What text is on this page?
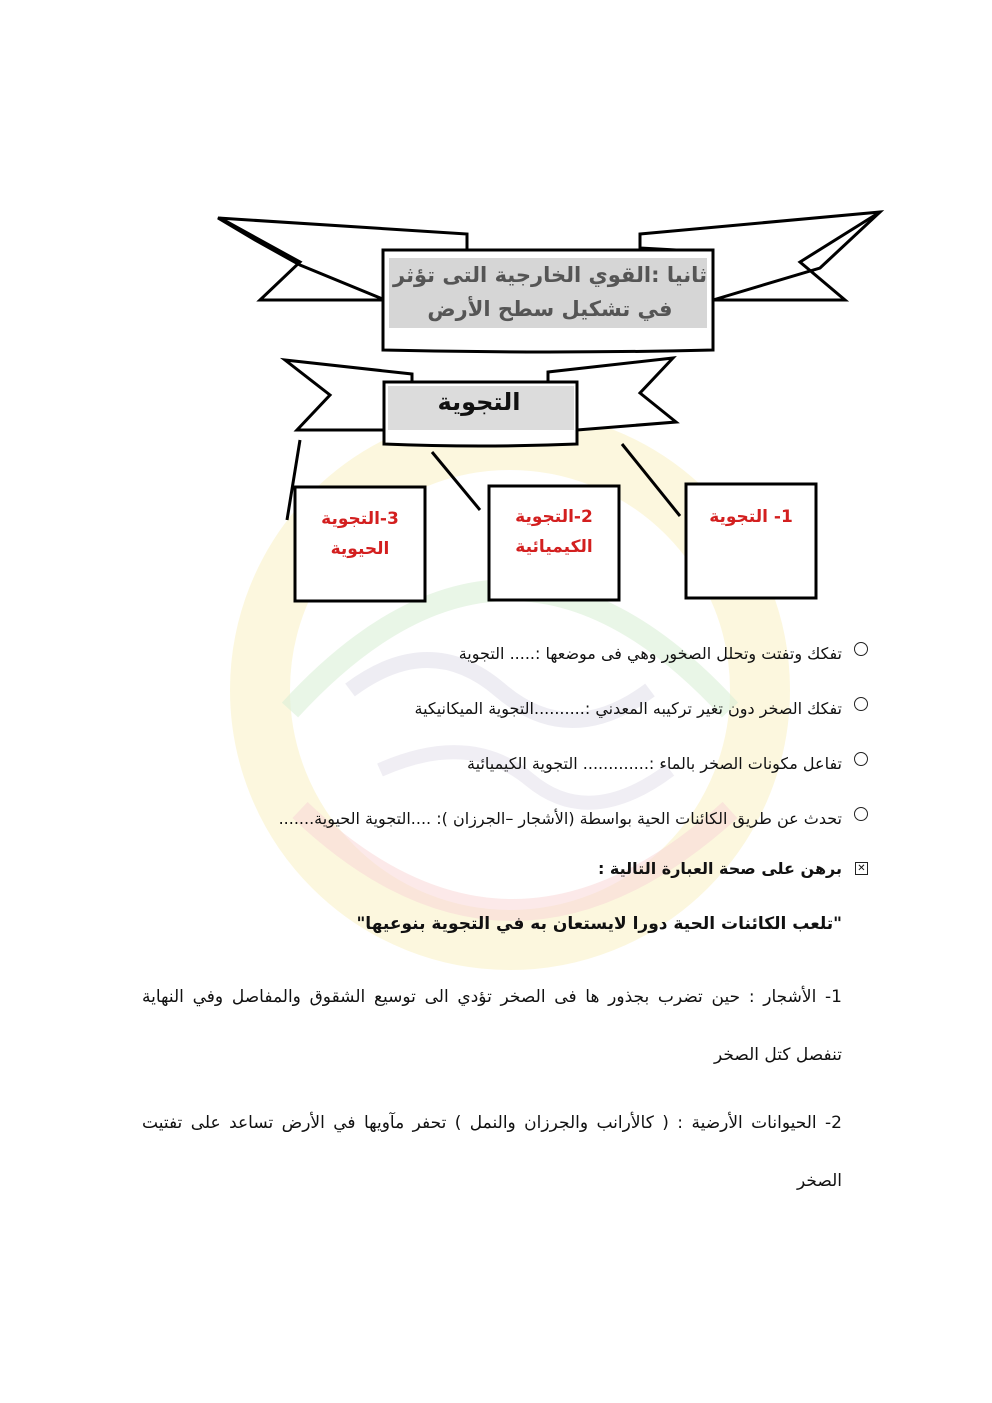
ثانيا :القوي الخارجية التى تؤثر في تشكيل سطح الأرض
التجوية
1- التجوية
2-التجوية الكيميائية
3-التجوية الحيوية
تفكك وتفتت وتحلل الصخور وهي فى موضعها :..... التجوية
تفكك الصخر دون تغير تركيبه المعدني :..........التجوية الميكانيكية
تفاعل مكونات الصخر بالماء :............. التجوية الكيميائية
تحدث عن طريق الكائنات الحية بواسطة (الأشجار –الجرزان ): ....التجوية الحيوية.......
✕
برهن على صحة العبارة التالية :
"تلعب الكائنات الحية دورا لايستعان به في التجوية بنوعيها"
1- الأشجار : حين تضرب بجذور ها فى الصخر تؤدي الى توسيع الشقوق والمفاصل وفي النهاية تنفصل كتل الصخر
2- الحيوانات الأرضية : ( كالأرانب والجرزان والنمل ) تحفر مآويها في الأرض تساعد على تفتيت الصخر
